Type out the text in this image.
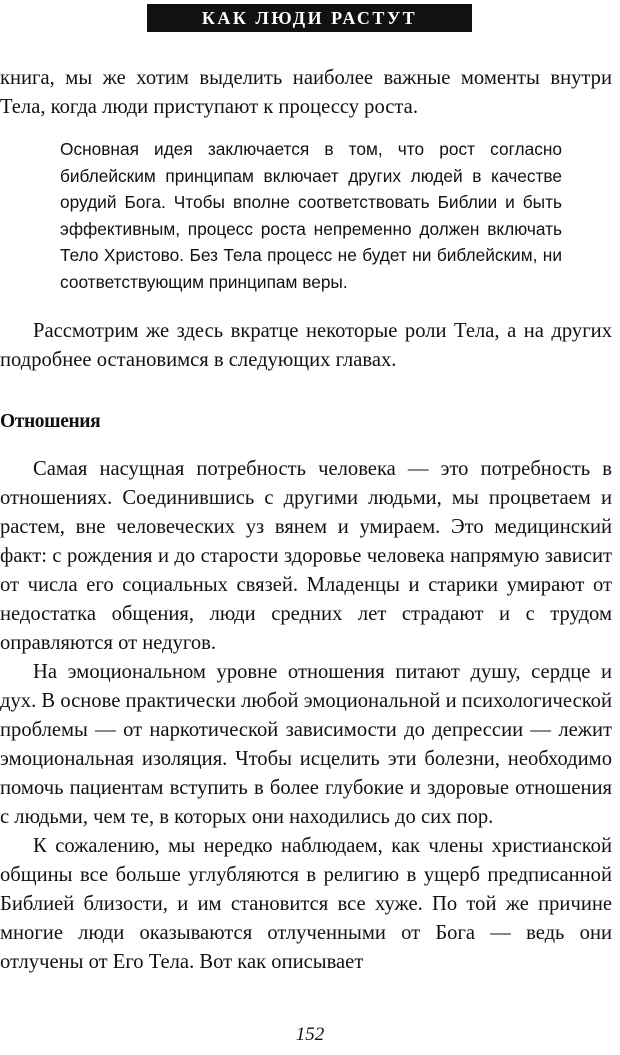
КАК ЛЮДИ РАСТУТ

книга, мы же хотим выделить наиболее важные моменты внутри Тела, когда люди приступают к процессу роста.

Основная идея заключается в том, что рост согласно библейским принципам включает других людей в качестве орудий Бога. Чтобы вполне соответствовать Библии и быть эффективным, процесс роста непременно должен включать Тело Христово. Без Тела процесс не будет ни библейским, ни соответствующим принципам веры.

Рассмотрим же здесь вкратце некоторые роли Тела, а на других подробнее остановимся в следующих главах.

Отношения

Самая насущная потребность человека — это потребность в отношениях. Соединившись с другими людьми, мы процветаем и растем, вне человеческих уз вянем и умираем. Это медицинский факт: с рождения и до старости здоровье человека напрямую зависит от числа его социальных связей. Младенцы и старики умирают от недостатка общения, люди средних лет страдают и с трудом оправляются от недугов.

На эмоциональном уровне отношения питают душу, сердце и дух. В основе практически любой эмоциональной и психологической проблемы — от наркотической зависимости до депрессии — лежит эмоциональная изоляция. Чтобы исцелить эти болезни, необходимо помочь пациентам вступить в более глубокие и здоровые отношения с людьми, чем те, в которых они находились до сих пор.

К сожалению, мы нередко наблюдаем, как члены христианской общины все больше углубляются в религию в ущерб предписанной Библией близости, и им становится все хуже. По той же причине многие люди оказываются отлученными от Бога — ведь они отлучены от Его Тела. Вот как описывает

152
